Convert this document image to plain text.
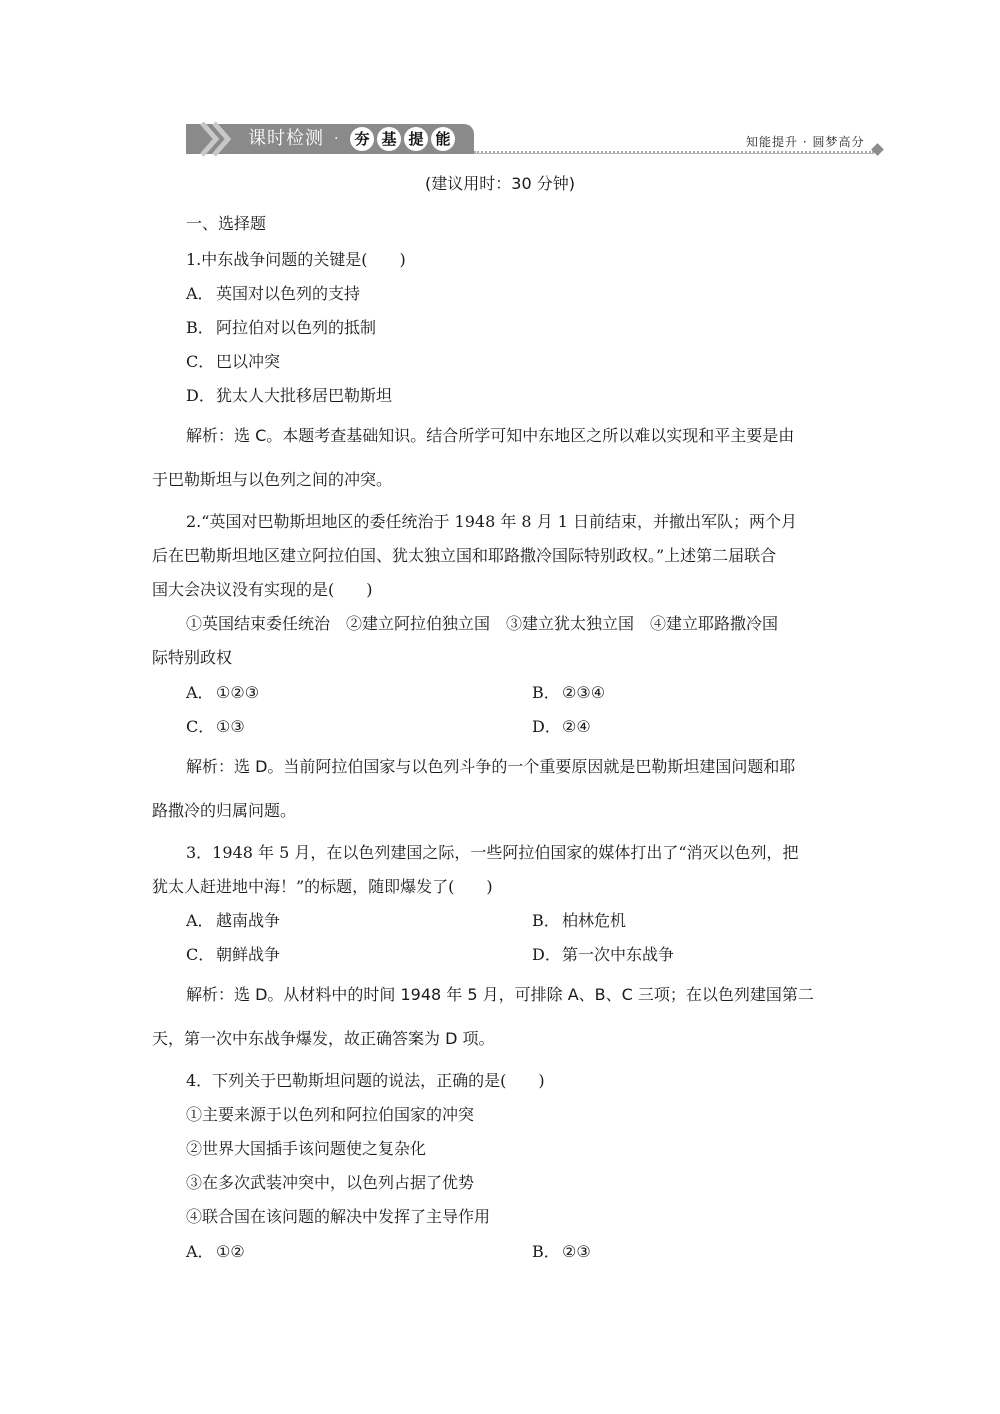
课时检测 · 夯 基 提 能	知能提升 · 圆梦高分
(建议用时：30 分钟)
一、选择题
1.中东战争问题的关键是(　　)
A． 英国对以色列的支持
B． 阿拉伯对以色列的抵制
C． 巴以冲突
D．犹太人大批移居巴勒斯坦
解析：选 C。本题考查基础知识。结合所学可知中东地区之所以难以实现和平主要是由
于巴勒斯坦与以色列之间的冲突。
2.“英国对巴勒斯坦地区的委任统治于 1948 年 8 月 1 日前结束，并撤出军队；两个月
后在巴勒斯坦地区建立阿拉伯国、犹太独立国和耶路撒冷国际特别政权。”上述第二届联合
国大会决议没有实现的是(　　)
①英国结束委任统治　②建立阿拉伯独立国　③建立犹太独立国　④建立耶路撒冷国
际特别政权
A． ①②③	B． ②③④
C． ①③	D．②④
解析：选 D。当前阿拉伯国家与以色列斗争的一个重要原因就是巴勒斯坦建国问题和耶
路撒冷的归属问题。
3．1948 年 5 月，在以色列建国之际，一些阿拉伯国家的媒体打出了“消灭以色列，把
犹太人赶进地中海！”的标题，随即爆发了(　　)
A． 越南战争	B． 柏林危机
C． 朝鲜战争	D．第一次中东战争
解析：选 D。从材料中的时间 1948 年 5 月，可排除 A、B、C 三项；在以色列建国第二
天，第一次中东战争爆发，故正确答案为 D 项。
4．下列关于巴勒斯坦问题的说法，正确的是(　　)
①主要来源于以色列和阿拉伯国家的冲突
②世界大国插手该问题使之复杂化
③在多次武装冲突中，以色列占据了优势
④联合国在该问题的解决中发挥了主导作用
A． ①②	B． ②③
